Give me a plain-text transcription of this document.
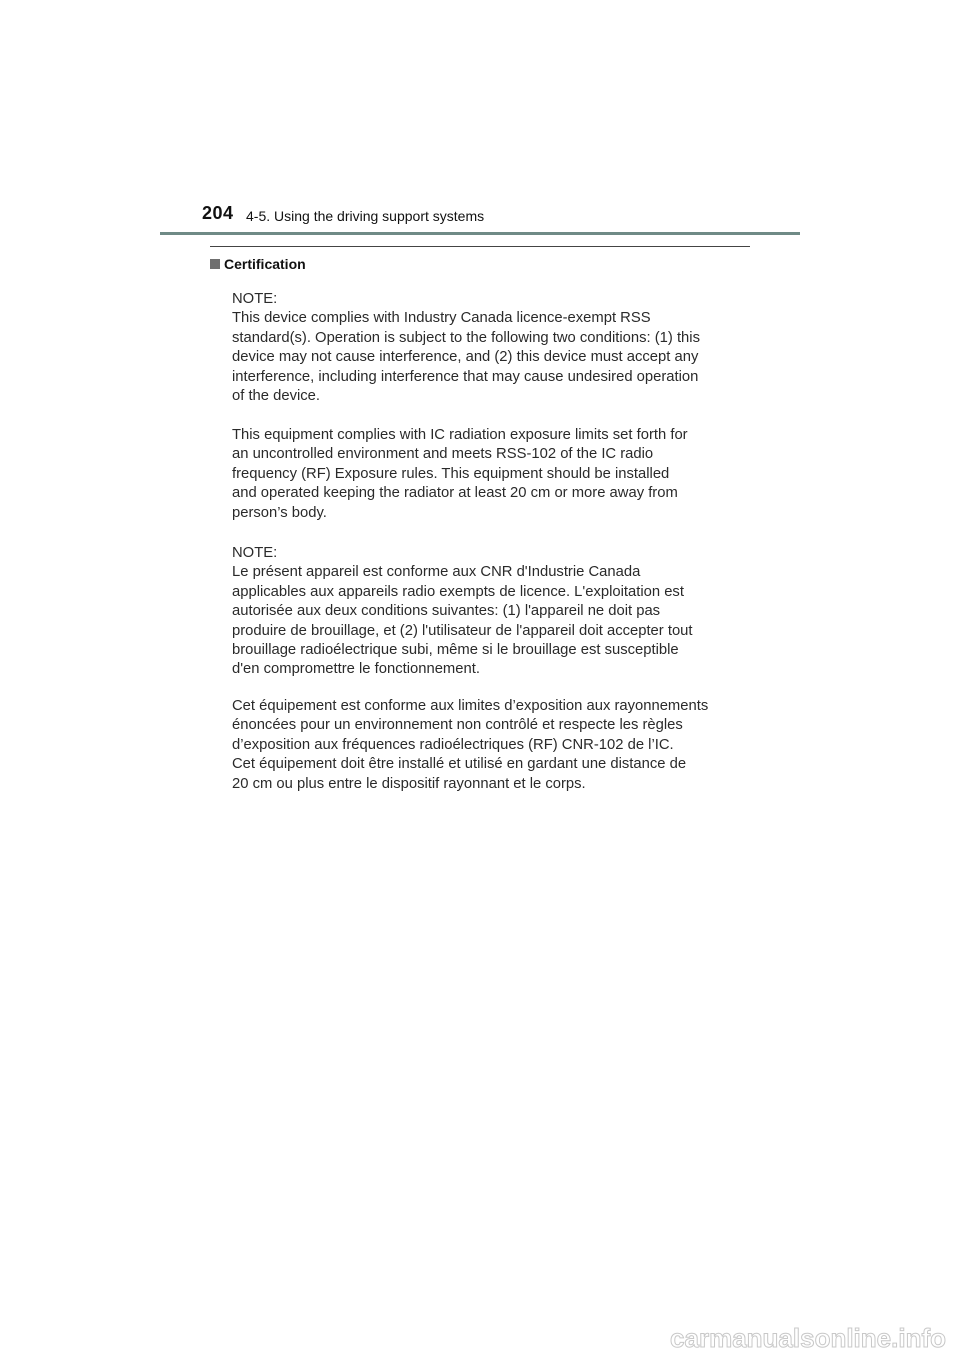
204 4-5. Using the driving support systems
Certification
NOTE:
This device complies with Industry Canada licence-exempt RSS
standard(s). Operation is subject to the following two conditions: (1) this
device may not cause interference, and (2) this device must accept any
interference, including interference that may cause undesired operation
of the device.
This equipment complies with IC radiation exposure limits set forth for
an uncontrolled environment and meets RSS-102 of the IC radio
frequency (RF) Exposure rules. This equipment should be installed
and operated keeping the radiator at least 20 cm or more away from
person’s body.
NOTE:
Le présent appareil est conforme aux CNR d'Industrie Canada
applicables aux appareils radio exempts de licence. L'exploitation est
autorisée aux deux conditions suivantes: (1) l'appareil ne doit pas
produire de brouillage, et (2) l'utilisateur de l'appareil doit accepter tout
brouillage radioélectrique subi, même si le brouillage est susceptible
d'en compromettre le fonctionnement.
Cet équipement est conforme aux limites d’exposition aux rayonnements
énoncées pour un environnement non contrôlé et respecte les règles
d’exposition aux fréquences radioélectriques (RF) CNR-102 de l’IC.
Cet équipement doit être installé et utilisé en gardant une distance de
20 cm ou plus entre le dispositif rayonnant et le corps.
carmanualsonline.info
